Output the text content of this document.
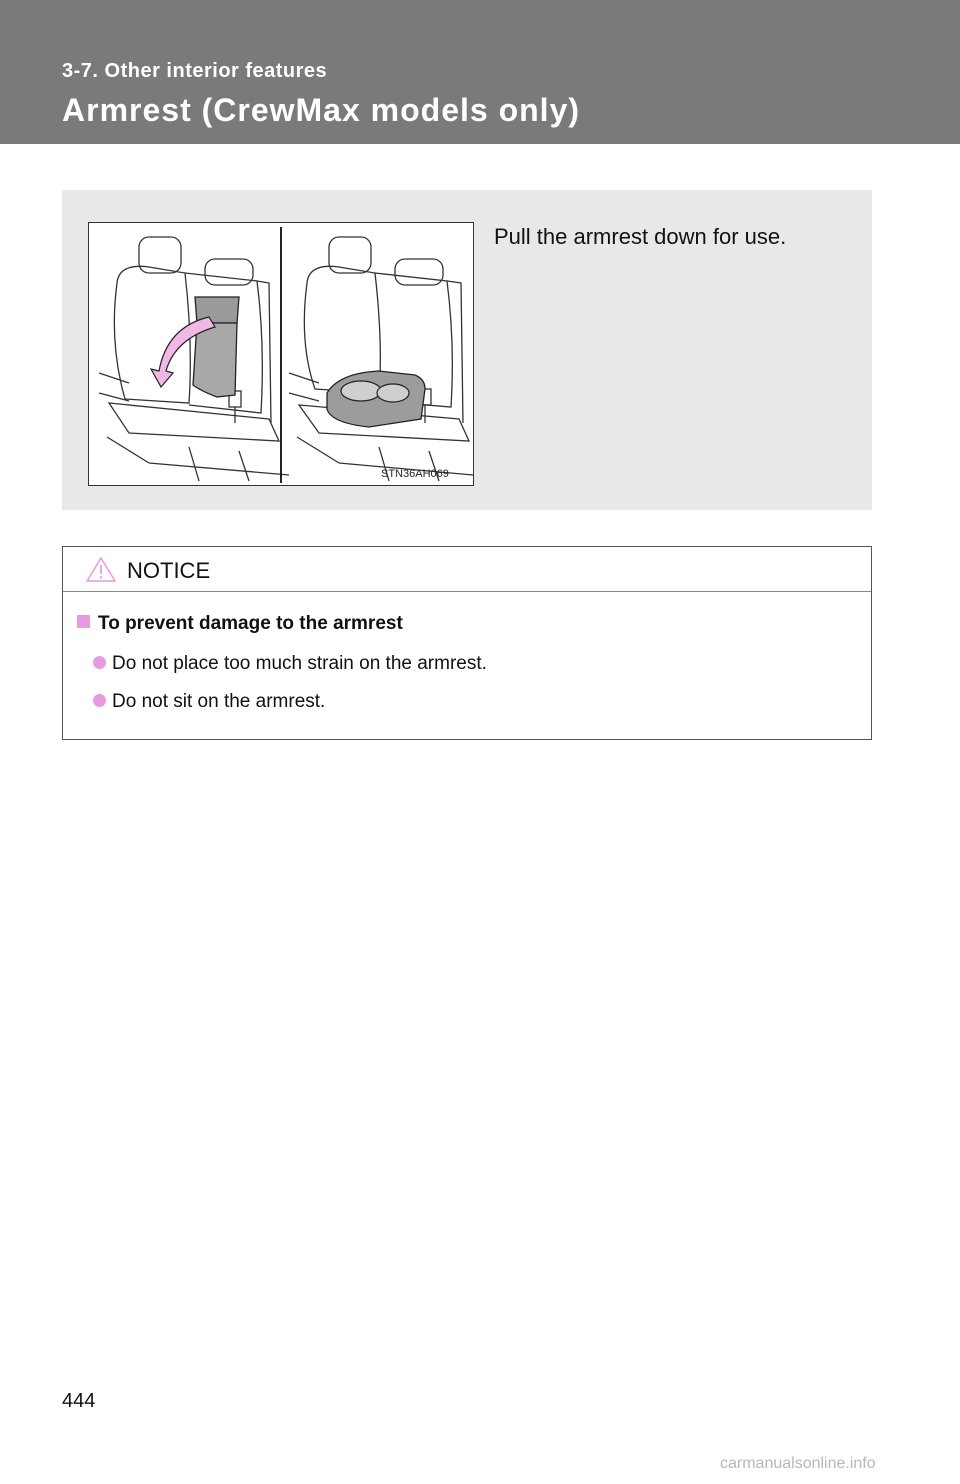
3-7. Other interior features
Armrest (CrewMax models only)
STN36AH069
Pull the armrest down for use.
NOTICE
To prevent damage to the armrest
Do not place too much strain on the armrest.
Do not sit on the armrest.
444
carmanualsonline.info
